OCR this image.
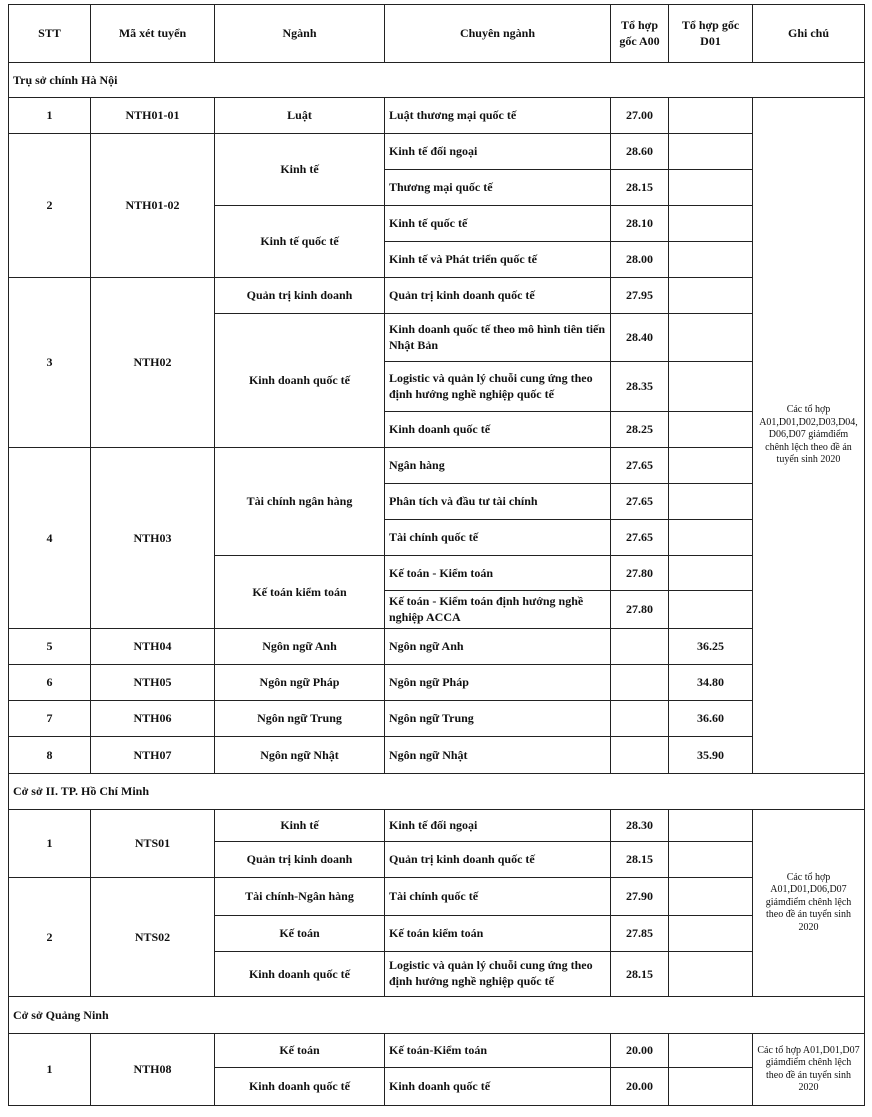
STT	Mã xét tuyển	Ngành	Chuyên ngành	Tổ hợp gốc A00	Tổ hợp gốc D01	Ghi chú
Trụ sở chính Hà Nội						
1	NTH01-01	Luật	Luật thương mại quốc tế	27.00		Các tổ hợp A01,D01,D02,D03,D04, D06,D07 giảmđiểm chênh lệch theo đề án tuyển sinh 2020
2	NTH01-02	Kinh tế	Kinh tế đối ngoại	28.60		
			Thương mại quốc tế	28.15		
		Kinh tế quốc tế	Kinh tế quốc tế	28.10		
			Kinh tế và Phát triển quốc tế	28.00		
3	NTH02	Quản trị kinh doanh	Quản trị kinh doanh quốc tế	27.95		
		Kinh doanh quốc tế	Kinh doanh quốc tế theo mô hình tiên tiến Nhật Bản	28.40		
			Logistic và quản lý chuỗi cung ứng theo định hướng nghề nghiệp quốc tế	28.35		
			Kinh doanh quốc tế	28.25		
4	NTH03	Tài chính ngân hàng	Ngân hàng	27.65		
			Phân tích và đầu tư tài chính	27.65		
			Tài chính quốc tế	27.65		
		Kế toán kiểm toán	Kế toán - Kiểm toán	27.80		
			Kế toán - Kiểm toán định hướng nghề nghiệp ACCA	27.80		
5	NTH04	Ngôn ngữ Anh	Ngôn ngữ Anh		36.25	
6	NTH05	Ngôn ngữ Pháp	Ngôn ngữ Pháp		34.80	
7	NTH06	Ngôn ngữ Trung	Ngôn ngữ Trung		36.60	
8	NTH07	Ngôn ngữ Nhật	Ngôn ngữ Nhật		35.90	
Cở sở II. TP. Hồ Chí Minh						
1	NTS01	Kinh tế	Kinh tế đối ngoại	28.30		Các tổ hợp A01,D01,D06,D07 giảmđiểm chênh lệch theo đề án tuyển sinh 2020
		Quản trị kinh doanh	Quản trị kinh doanh quốc tế	28.15		
2	NTS02	Tài chính-Ngân hàng	Tài chính quốc tế	27.90		
		Kế toán	Kế toán kiểm toán	27.85		
		Kinh doanh quốc tế	Logistic và quản lý chuỗi cung ứng theo định hướng nghề nghiệp quốc tế	28.15		
Cở sở Quảng Ninh						
1	NTH08	Kế toán	Kế toán-Kiểm toán	20.00		Các tổ hợp A01,D01,D07 giảmđiểm chênh lệch theo đề án tuyển sinh 2020
		Kinh doanh quốc tế	Kinh doanh quốc tế	20.00		
